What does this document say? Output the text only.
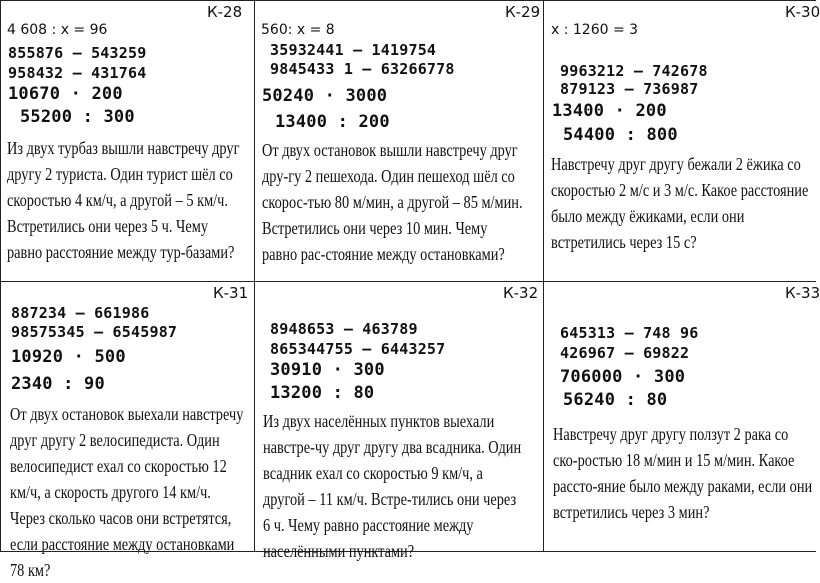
К-28
4 608 : x = 96
855876 – 543259
958432 – 431764
10670 · 200
55200 : 300
Из двух турбаз вышли навстречу друг другу 2 туриста. Один турист шёл со скоростью 4 км/ч, а другой – 5 км/ч. Встретились они через 5 ч. Чему равно расстояние между тур-базами?
К-29
560: x = 8
35932441 – 1419754
9845433 1 – 63266778
50240 · 3000
13400 : 200
От двух остановок вышли навстречу друг дру-гу 2 пешехода. Один пешеход шёл со скорос-тью 80 м/мин, а другой – 85 м/мин. Встретились они через 10 мин. Чему равно рас-стояние между остановками?
К-30
x : 1260 = 3
9963212 – 742678
879123 – 736987
13400 · 200
54400 : 800
Навстречу друг другу бежали 2 ёжика со скоростью 2 м/с и 3 м/с. Какое расстояние было между ёжиками, если они встретились через 15 с?
К-31
887234 – 661986
98575345 – 6545987
10920 · 500
2340 : 90
От двух остановок выехали навстречу друг другу 2 велосипедиста. Один велосипедист ехал со скоростью 12 км/ч, а скорость другого 14 км/ч. Через сколько часов они встретятся, если расстояние между остановками 78 км?
К-32
8948653 – 463789
865344755 – 6443257
30910 · 300
13200 : 80
Из двух населённых пунктов выехали навстре-чу друг другу два всадника. Один всадник ехал со скоростью 9 км/ч, а другой – 11 км/ч. Встре-тились они через 6 ч. Чему равно расстояние между населёнными пунктами?
К-33
645313 – 748 96
426967 – 69822
706000 · 300
56240 : 80
Навстречу друг другу ползут 2 рака со ско-ростью 18 м/мин и 15 м/мин. Какое рассто-яние было между раками, если они встретились через 3 мин?
